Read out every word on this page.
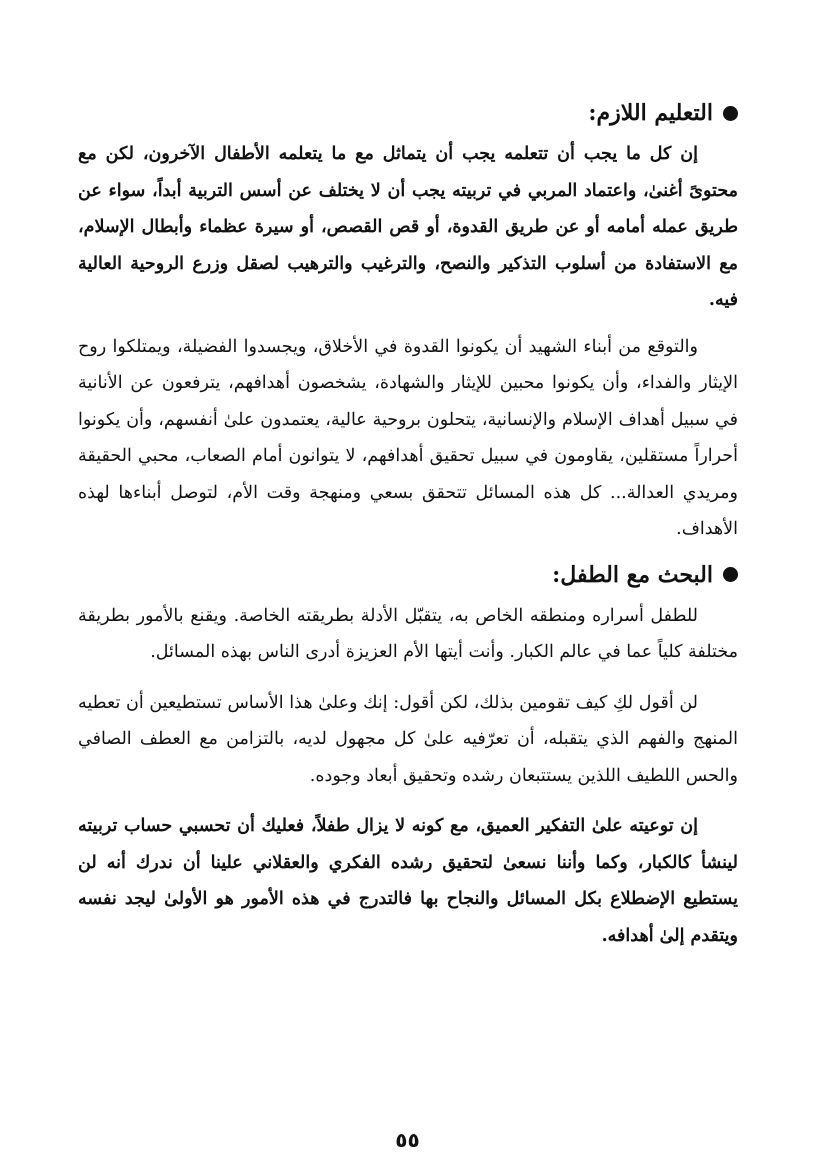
التعليم اللازم:

إن كل ما يجب أن تتعلمه يجب أن يتماثل مع ما يتعلمه الأطفال الآخرون، لكن مع محتوىً أغنىٰ، واعتماد المربي في تربيته يجب أن لا يختلف عن أسس التربية أبداً، سواء عن طريق عمله أمامه أو عن طريق القدوة، أو قص القصص، أو سيرة عظماء وأبطال الإسلام، مع الاستفادة من أسلوب التذكير والنصح، والترغيب والترهيب لصقل وزرع الروحية العالية فيه.

والتوقع من أبناء الشهيد أن يكونوا القدوة في الأخلاق، ويجسدوا الفضيلة، ويمتلكوا روح الإيثار والفداء، وأن يكونوا محبين للإيثار والشهادة، يشخصون أهدافهم، يترفعون عن الأنانية في سبيل أهداف الإسلام والإنسانية، يتحلون بروحية عالية، يعتمدون علىٰ أنفسهم، وأن يكونوا أحراراً مستقلين، يقاومون في سبيل تحقيق أهدافهم، لا يتوانون أمام الصعاب، محبي الحقيقة ومريدي العدالة... كل هذه المسائل تتحقق بسعي ومنهجة وقت الأم، لتوصل أبناءها لهذه الأهداف.

البحث مع الطفل:

للطفل أسراره ومنطقه الخاص به، يتقبّل الأدلة بطريقته الخاصة. ويقنع بالأمور بطريقة مختلفة كلياً عما في عالم الكبار. وأنت أيتها الأم العزيزة أدرى الناس بهذه المسائل.

لن أقول لكِ كيف تقومين بذلك، لكن أقول: إنك وعلىٰ هذا الأساس تستطيعين أن تعطيه المنهج والفهم الذي يتقبله، أن تعرّفيه علىٰ كل مجهول لديه، بالتزامن مع العطف الصافي والحس اللطيف اللذين يستتبعان رشده وتحقيق أبعاد وجوده.

إن توعيته علىٰ التفكير العميق، مع كونه لا يزال طفلاً، فعليك أن تحسبي حساب تربيته لينشأ كالكبار، وكما وأننا نسعىٰ لتحقيق رشده الفكري والعقلاني علينا أن ندرك أنه لن يستطيع الإضطلاع بكل المسائل والنجاح بها فالتدرج في هذه الأمور هو الأولىٰ ليجد نفسه ويتقدم إلىٰ أهدافه.

٥٥
